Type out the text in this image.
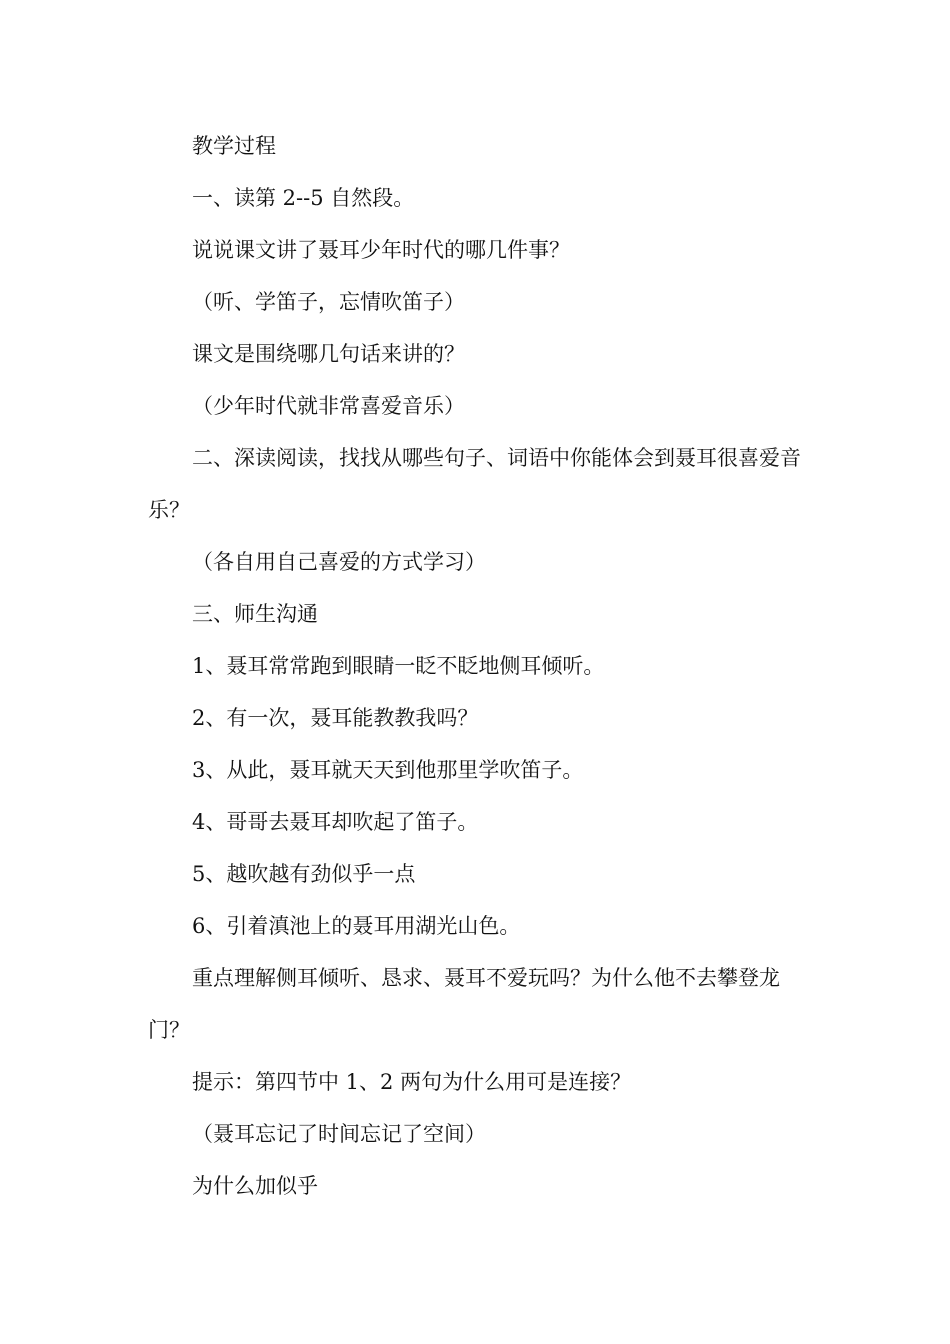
教学过程

一、读第 2--5 自然段。

说说课文讲了聂耳少年时代的哪几件事？

（听、学笛子，忘情吹笛子）

课文是围绕哪几句话来讲的？

（少年时代就非常喜爱音乐）

二、深读阅读，找找从哪些句子、词语中你能体会到聂耳很喜爱音乐？

（各自用自己喜爱的方式学习）

三、师生沟通

1、聂耳常常跑到眼睛一眨不眨地侧耳倾听。

2、有一次，聂耳能教教我吗？

3、从此，聂耳就天天到他那里学吹笛子。

4、哥哥去聂耳却吹起了笛子。

5、越吹越有劲似乎一点

6、引着滇池上的聂耳用湖光山色。

重点理解侧耳倾听、恳求、聂耳不爱玩吗？为什么他不去攀登龙门？

提示：第四节中 1、2 两句为什么用可是连接？

（聂耳忘记了时间忘记了空间）

为什么加似乎
